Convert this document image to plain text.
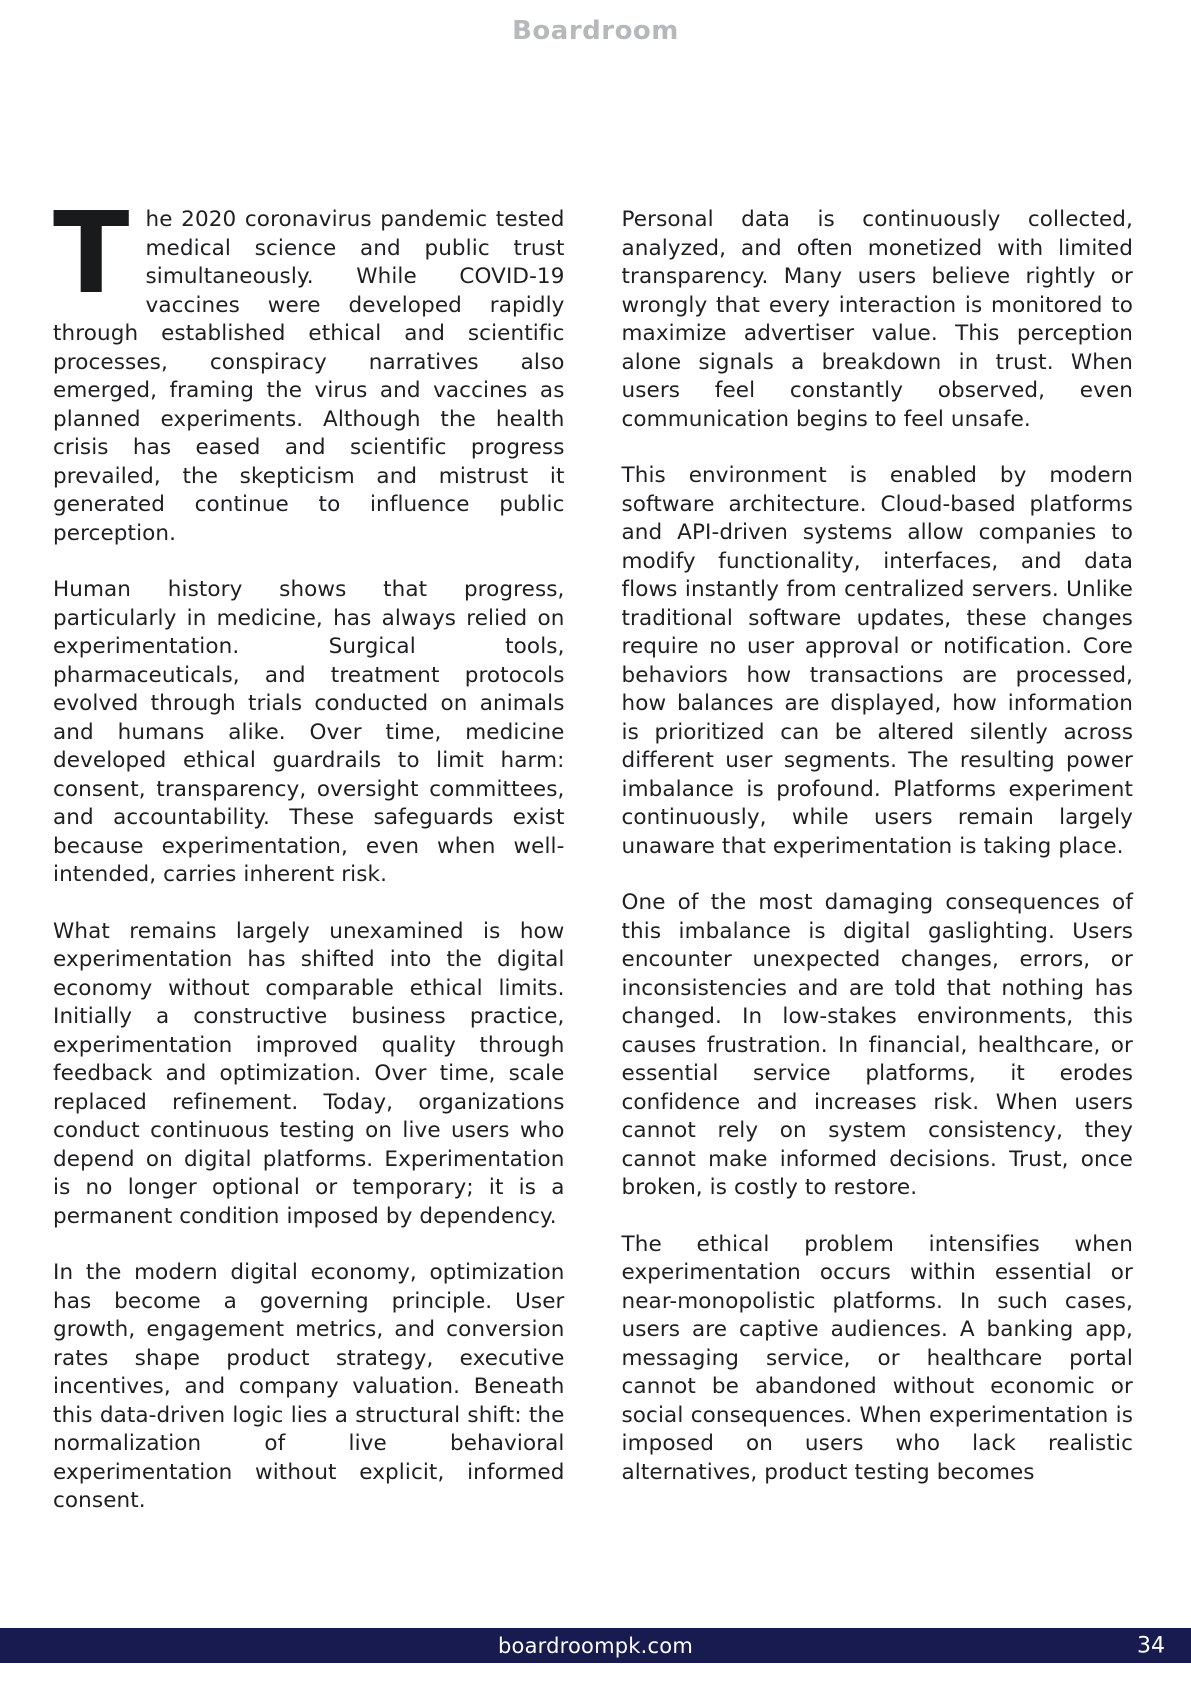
Boardroom

The 2020 coronavirus pandemic tested medical science and public trust simultaneously. While COVID-19 vaccines were developed rapidly through established ethical and scientific processes, conspiracy narratives also emerged, framing the virus and vaccines as planned experiments. Although the health crisis has eased and scientific progress prevailed, the skepticism and mistrust it generated continue to influence public perception.

Human history shows that progress, particularly in medicine, has always relied on experimentation. Surgical tools, pharmaceuticals, and treatment protocols evolved through trials conducted on animals and humans alike. Over time, medicine developed ethical guardrails to limit harm: consent, transparency, oversight committees, and accountability. These safeguards exist because experimentation, even when well-intended, carries inherent risk.

What remains largely unexamined is how experimentation has shifted into the digital economy without comparable ethical limits. Initially a constructive business practice, experimentation improved quality through feedback and optimization. Over time, scale replaced refinement. Today, organizations conduct continuous testing on live users who depend on digital platforms. Experimentation is no longer optional or temporary; it is a permanent condition imposed by dependency.

In the modern digital economy, optimization has become a governing principle. User growth, engagement metrics, and conversion rates shape product strategy, executive incentives, and company valuation. Beneath this data-driven logic lies a structural shift: the normalization of live behavioral experimentation without explicit, informed consent.

Personal data is continuously collected, analyzed, and often monetized with limited transparency. Many users believe rightly or wrongly that every interaction is monitored to maximize advertiser value. This perception alone signals a breakdown in trust. When users feel constantly observed, even communication begins to feel unsafe.

This environment is enabled by modern software architecture. Cloud-based platforms and API-driven systems allow companies to modify functionality, interfaces, and data flows instantly from centralized servers. Unlike traditional software updates, these changes require no user approval or notification. Core behaviors how transactions are processed, how balances are displayed, how information is prioritized can be altered silently across different user segments. The resulting power imbalance is profound. Platforms experiment continuously, while users remain largely unaware that experimentation is taking place.

One of the most damaging consequences of this imbalance is digital gaslighting. Users encounter unexpected changes, errors, or inconsistencies and are told that nothing has changed. In low-stakes environments, this causes frustration. In financial, healthcare, or essential service platforms, it erodes confidence and increases risk. When users cannot rely on system consistency, they cannot make informed decisions. Trust, once broken, is costly to restore.

The ethical problem intensifies when experimentation occurs within essential or near-monopolistic platforms. In such cases, users are captive audiences. A banking app, messaging service, or healthcare portal cannot be abandoned without economic or social consequences. When experimentation is imposed on users who lack realistic alternatives, product testing becomes

boardroompk.com	34
